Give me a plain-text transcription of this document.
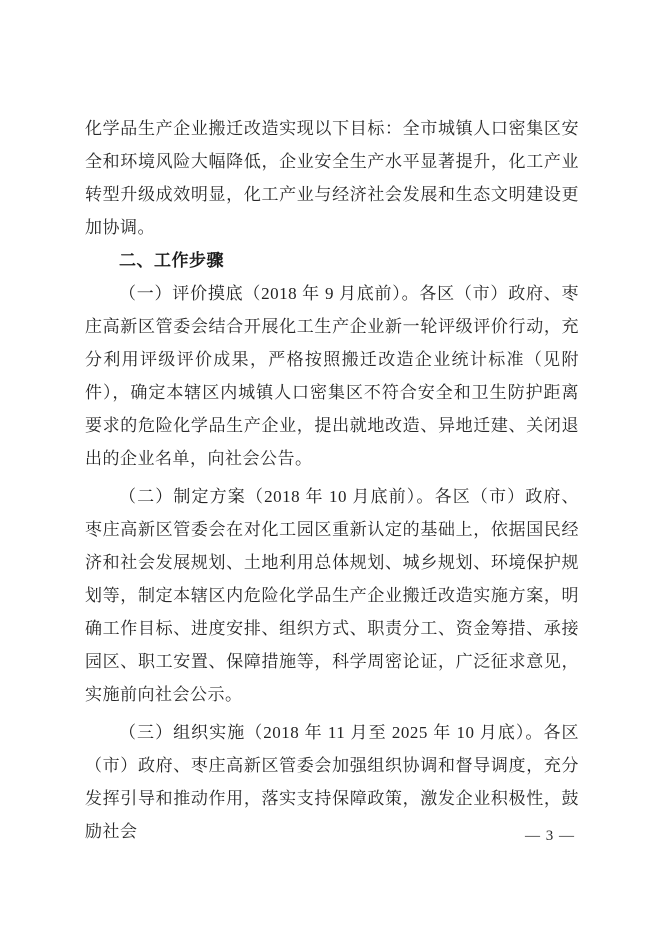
化学品生产企业搬迁改造实现以下目标：全市城镇人口密集区安全和环境风险大幅降低，企业安全生产水平显著提升，化工产业转型升级成效明显，化工产业与经济社会发展和生态文明建设更加协调。

二、工作步骤

（一）评价摸底（2018 年 9 月底前）。各区（市）政府、枣庄高新区管委会结合开展化工生产企业新一轮评级评价行动，充分利用评级评价成果，严格按照搬迁改造企业统计标准（见附件），确定本辖区内城镇人口密集区不符合安全和卫生防护距离要求的危险化学品生产企业，提出就地改造、异地迁建、关闭退出的企业名单，向社会公告。

（二）制定方案（2018 年 10 月底前）。各区（市）政府、枣庄高新区管委会在对化工园区重新认定的基础上，依据国民经济和社会发展规划、土地利用总体规划、城乡规划、环境保护规划等，制定本辖区内危险化学品生产企业搬迁改造实施方案，明确工作目标、进度安排、组织方式、职责分工、资金筹措、承接园区、职工安置、保障措施等，科学周密论证，广泛征求意见，实施前向社会公示。

（三）组织实施（2018 年 11 月至 2025 年 10 月底）。各区（市）政府、枣庄高新区管委会加强组织协调和督导调度，充分发挥引导和推动作用，落实支持保障政策，激发企业积极性，鼓励社会	— 3 —
